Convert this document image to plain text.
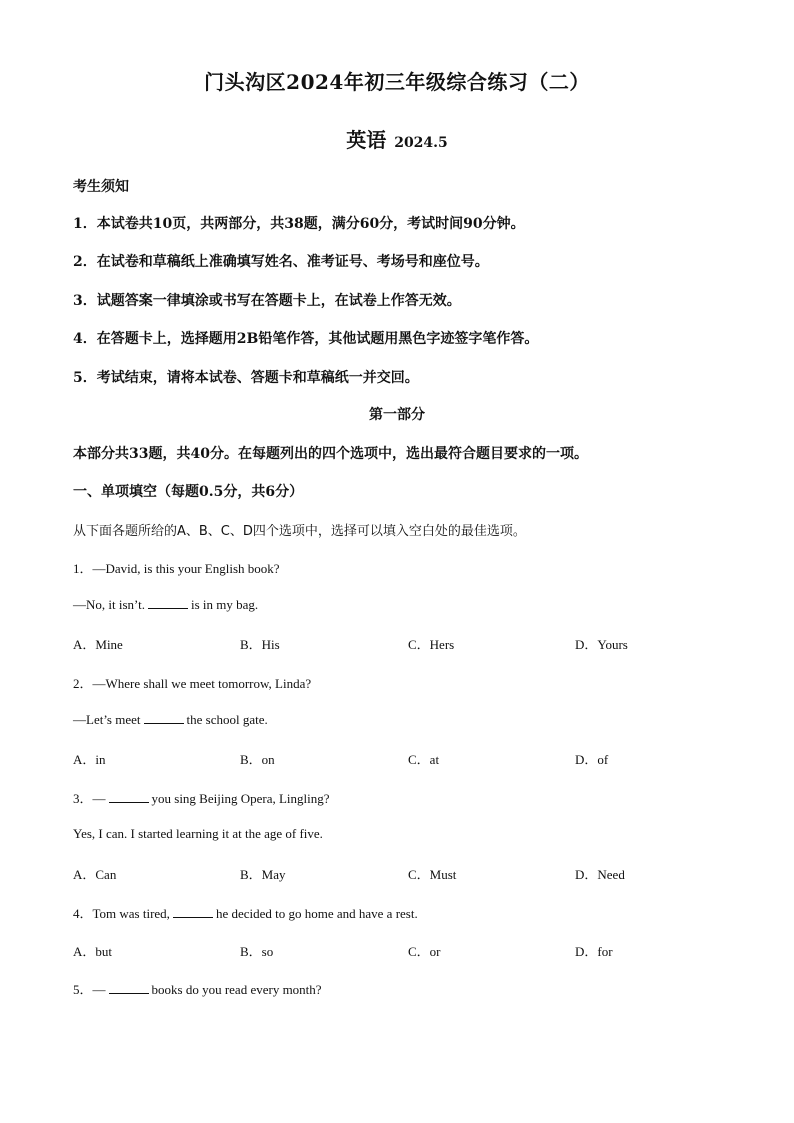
门头沟区2024年初三年级综合练习（二）
英语 2024.5
考生须知
1．本试卷共10页，共两部分，共38题，满分60分，考试时间90分钟。
2．在试卷和草稿纸上准确填写姓名、准考证号、考场号和座位号。
3．试题答案一律填涂或书写在答题卡上，在试卷上作答无效。
4．在答题卡上，选择题用2B铅笔作答，其他试题用黑色字迹签字笔作答。
5．考试结束，请将本试卷、答题卡和草稿纸一并交回。
第一部分
本部分共33题，共40分。在每题列出的四个选项中，选出最符合题目要求的一项。
一、单项填空（每题0.5分，共6分）
从下面各题所给的A、B、C、D四个选项中，选择可以填入空白处的最佳选项。
1．—David, is this your English book?
—No, it isn’t.	is in my bag.
A．Mine	B．His	C．Hers	D．Yours
2．—Where shall we meet tomorrow, Linda?
—Let’s meet	the school gate.
A．in	B．on	C．at	D．of
3．—	you sing Beijing Opera, Lingling?
Yes, I can. I started learning it at the age of five.
A．Can	B．May	C．Must	D．Need
4．Tom was tired,	he decided to go home and have a rest.
A．but	B．so	C．or	D．for
5．—	books do you read every month?
